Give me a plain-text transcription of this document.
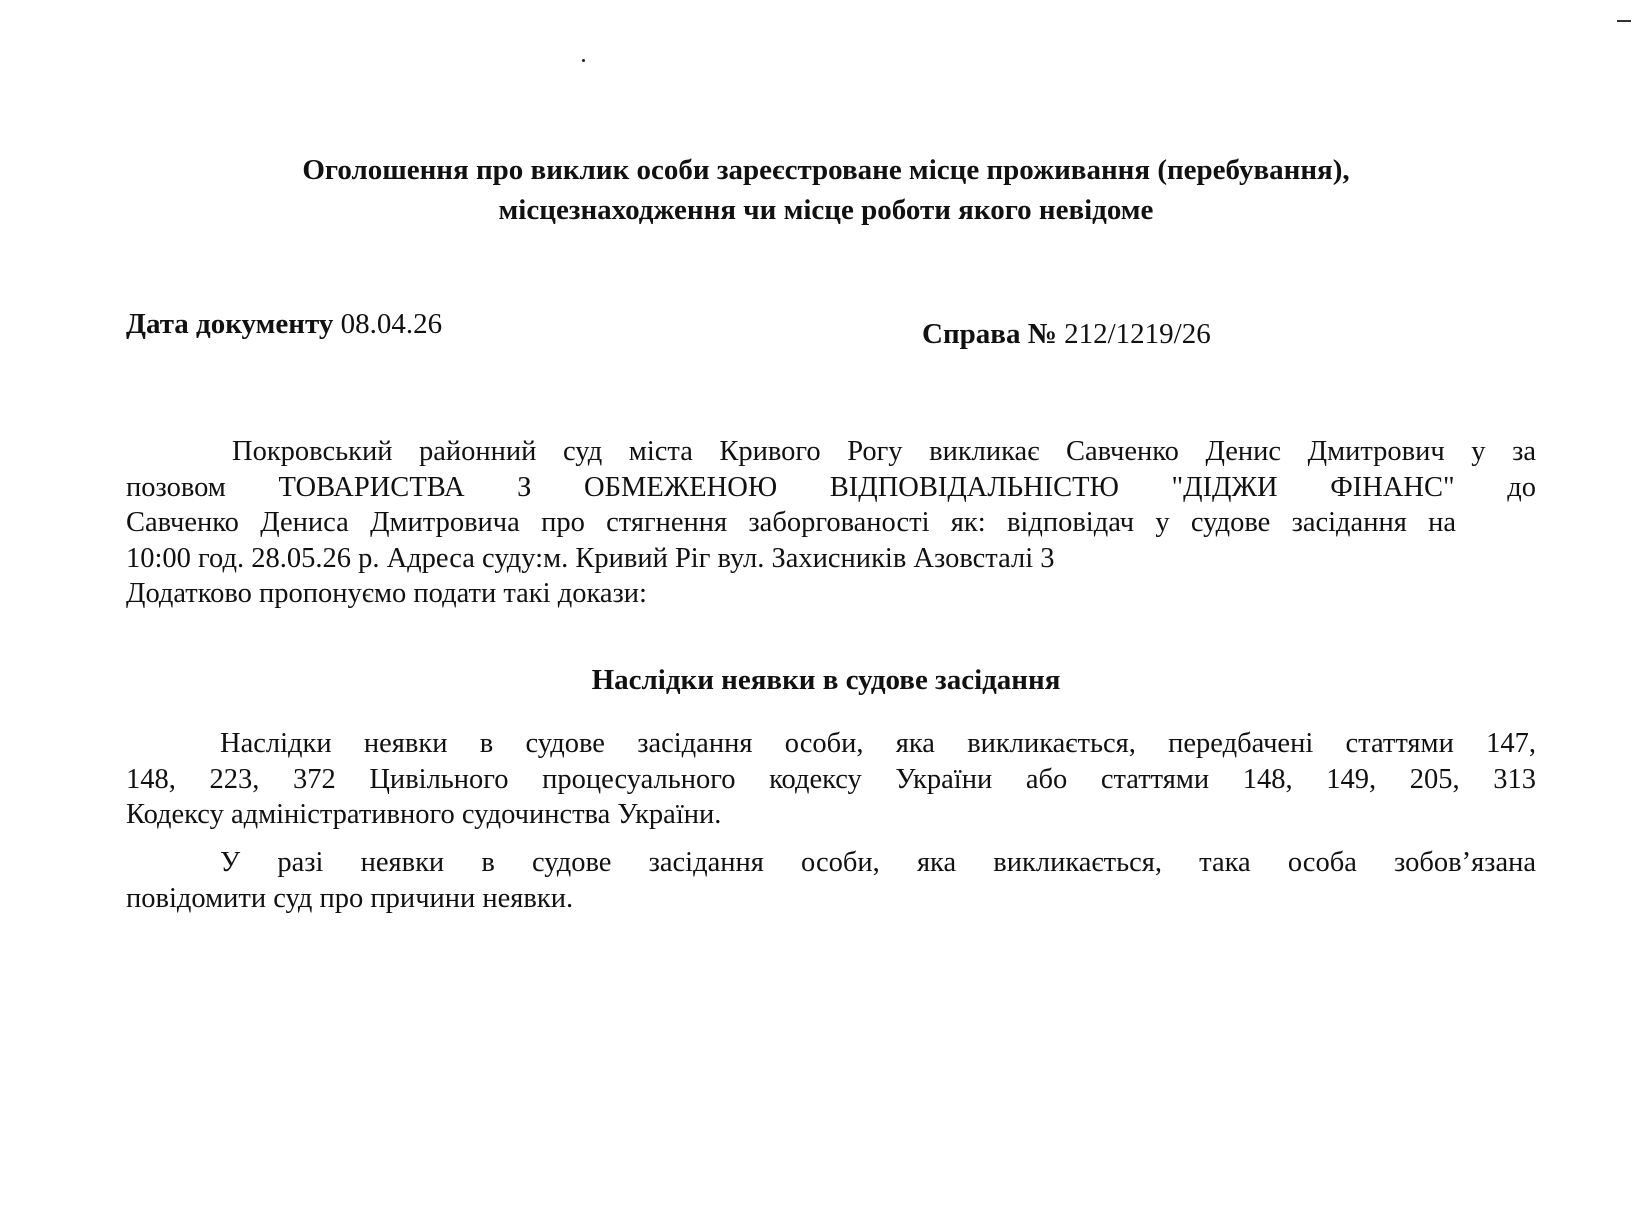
Оголошення про виклик особи зареєстроване місце проживання (перебування),
місцезнаходження чи місце роботи якого невідоме
Дата документу 08.04.26	Справа № 212/1219/26
Покровський районний суд міста Кривого Рогу викликає Савченко Денис Дмитрович у за
позовом ТОВАРИСТВА З ОБМЕЖЕНОЮ ВІДПОВІДАЛЬНІСТЮ "ДІДЖИ ФІНАНС" до
Савченко Дениса Дмитровича про стягнення заборгованості як: відповідач у судове засідання на
10:00 год. 28.05.26 р. Адреса суду:м. Кривий Ріг вул. Захисників Азовсталі 3
Додатково пропонуємо подати такі докази:
Наслідки неявки в судове засідання
Наслідки неявки в судове засідання особи, яка викликається, передбачені статтями 147,
148, 223, 372 Цивільного процесуального кодексу України або статтями 148, 149, 205, 313
Кодексу адміністративного судочинства України.
У разі неявки в судове засідання особи, яка викликається, така особа зобов’язана
повідомити суд про причини неявки.
